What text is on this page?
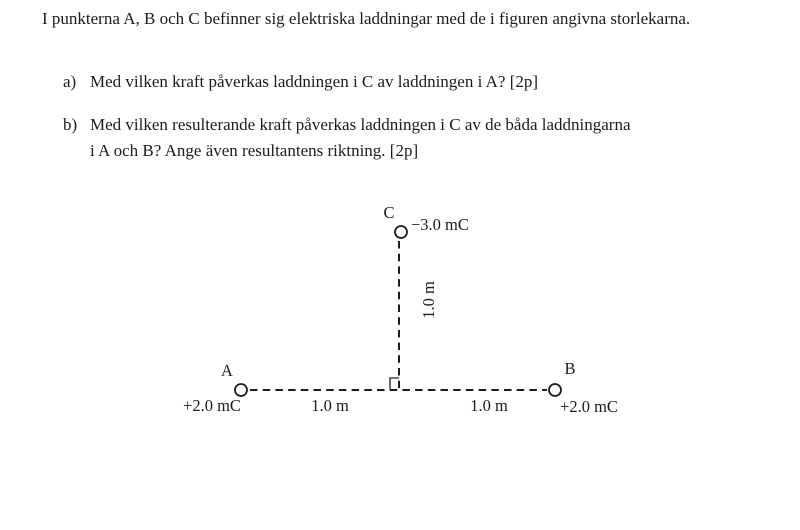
I punkterna A, B och C befinner sig elektriska laddningar med de i figuren angivna storlekarna.

a) Med vilken kraft påverkas laddningen i C av laddningen i A? [2p]
b) Med vilken resulterande kraft påverkas laddningen i C av de båda laddningarna
i A och B? Ange även resultantens riktning. [2p]
C
−3.0 mC
A	B
+2.0 mC	+2.0 mC
1.0 m	1.0 m
1.0 m
